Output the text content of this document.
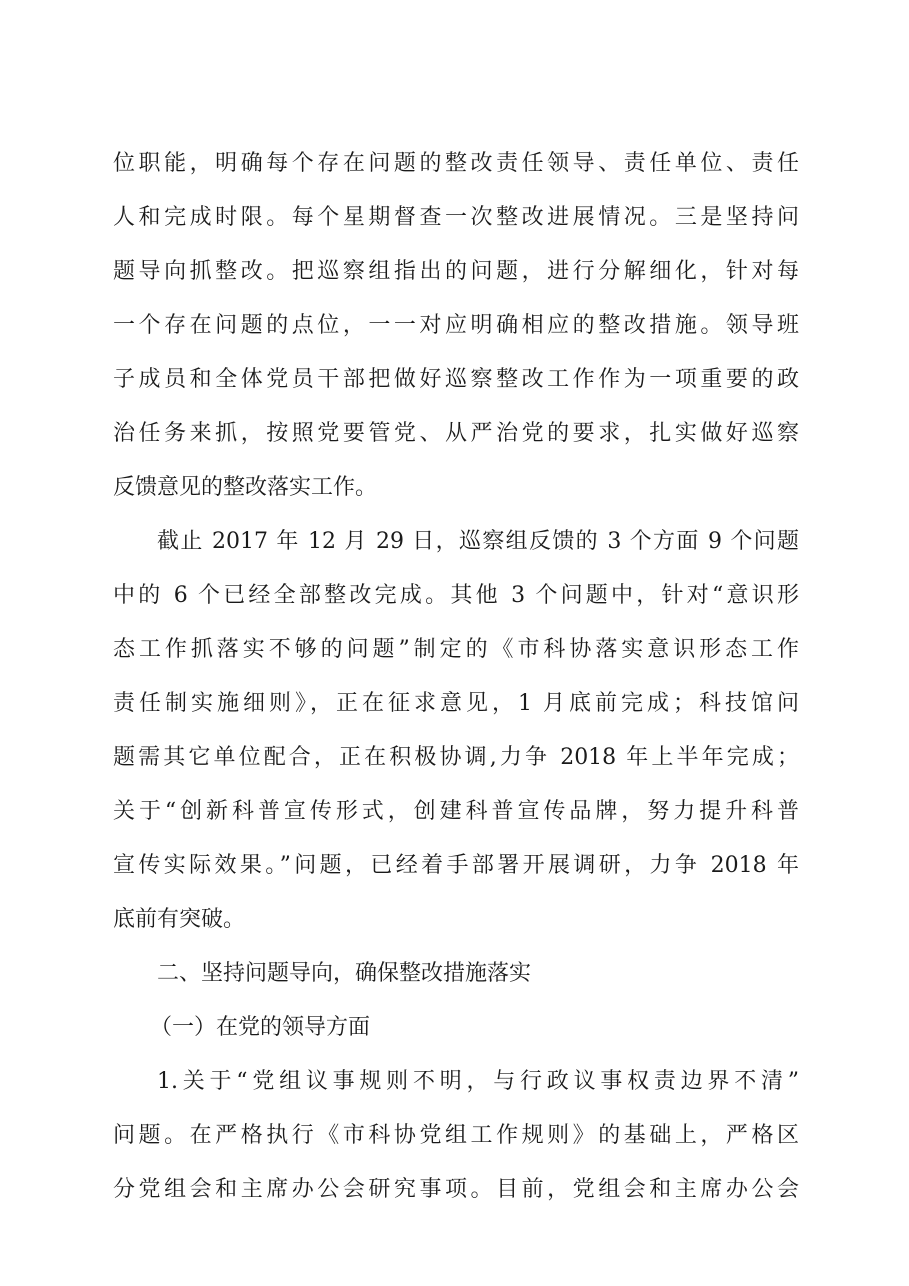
位职能，明确每个存在问题的整改责任领导、责任单位、责任
人和完成时限。每个星期督查一次整改进展情况。三是坚持问
题导向抓整改。把巡察组指出的问题，进行分解细化，针对每
一个存在问题的点位，一一对应明确相应的整改措施。领导班
子成员和全体党员干部把做好巡察整改工作作为一项重要的政
治任务来抓，按照党要管党、从严治党的要求，扎实做好巡察
反馈意见的整改落实工作。
截止 2017 年 12 月 29 日，巡察组反馈的 3 个方面 9 个问题
中的 6 个已经全部整改完成。其他 3 个问题中，针对“意识形
态工作抓落实不够的问题”制定的《市科协落实意识形态工作
责任制实施细则》，正在征求意见，1 月底前完成；科技馆问
题需其它单位配合，正在积极协调,力争 2018 年上半年完成；
关于“创新科普宣传形式，创建科普宣传品牌，努力提升科普
宣传实际效果。”问题，已经着手部署开展调研，力争 2018 年
底前有突破。
二、坚持问题导向，确保整改措施落实
（一）在党的领导方面
1.关于“党组议事规则不明，与行政议事权责边界不清”
问题。在严格执行《市科协党组工作规则》的基础上，严格区
分党组会和主席办公会研究事项。目前，党组会和主席办公会
